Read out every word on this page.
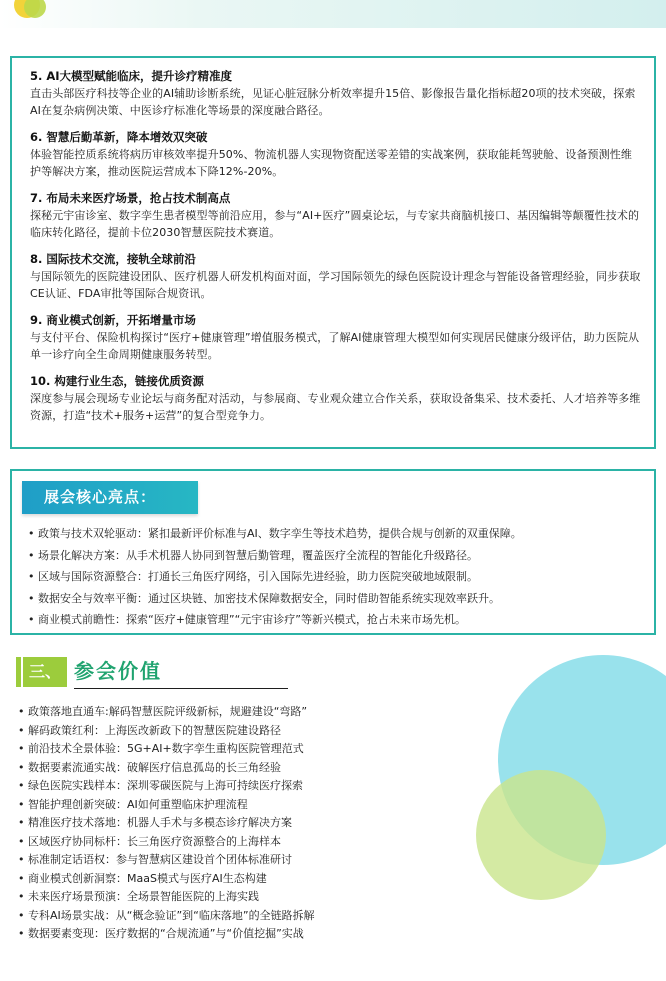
5. AI大模型赋能临床，提升诊疗精准度
直击头部医疗科技等企业的AI辅助诊断系统，见证心脏冠脉分析效率提升15倍、影像报告量化指标超20项的技术突破，探索AI在复杂病例决策、中医诊疗标准化等场景的深度融合路径。
6. 智慧后勤革新，降本增效双突破
体验智能控质系统将病历审核效率提升50%、物流机器人实现物资配送零差错的实战案例，获取能耗驾驶舱、设备预测性维护等解决方案，推动医院运营成本下降12%-20%。
7. 布局未来医疗场景，抢占技术制高点
探秘元宇宙诊室、数字孪生患者模型等前沿应用，参与“AI+医疗”圆桌论坛，与专家共商脑机接口、基因编辑等颠覆性技术的临床转化路径，提前卡位2030智慧医院技术赛道。
8. 国际技术交流，接轨全球前沿
与国际领先的医院建设团队、医疗机器人研发机构面对面，学习国际领先的绿色医院设计理念与智能设备管理经验，同步获取CE认证、FDA审批等国际合规资讯。
9. 商业模式创新，开拓增量市场
与支付平台、保险机构探讨“医疗+健康管理”增值服务模式，了解AI健康管理大模型如何实现居民健康分级评估，助力医院从单一诊疗向全生命周期健康服务转型。
10. 构建行业生态，链接优质资源
深度参与展会现场专业论坛与商务配对活动，与参展商、专业观众建立合作关系，获取设备集采、技术委托、人才培养等多维资源，打造“技术+服务+运营”的复合型竞争力。
展会核心亮点：
• 政策与技术双轮驱动：紧扣最新评价标准与AI、数字孪生等技术趋势，提供合规与创新的双重保障。
• 场景化解决方案：从手术机器人协同到智慧后勤管理，覆盖医疗全流程的智能化升级路径。
• 区域与国际资源整合：打通长三角医疗网络，引入国际先进经验，助力医院突破地域限制。
• 数据安全与效率平衡：通过区块链、加密技术保障数据安全，同时借助智能系统实现效率跃升。
• 商业模式前瞻性：探索“医疗+健康管理”“元宇宙诊疗”等新兴模式，抢占未来市场先机。
三、 参会价值
• 政策落地直通车:解码智慧医院评级新标，规避建设“弯路”
• 解码政策红利：上海医改新政下的智慧医院建设路径
• 前沿技术全景体验：5G+AI+数字孪生重构医院管理范式
• 数据要素流通实战：破解医疗信息孤岛的长三角经验
• 绿色医院实践样本：深圳零碳医院与上海可持续医疗探索
• 智能护理创新突破：AI如何重塑临床护理流程
• 精准医疗技术落地：机器人手术与多模态诊疗解决方案
• 区域医疗协同标杆：长三角医疗资源整合的上海样本
• 标准制定话语权：参与智慧病区建设首个团体标准研讨
• 商业模式创新洞察：MaaS模式与医疗AI生态构建
• 未来医疗场景预演：全场景智能医院的上海实践
• 专科AI场景实战：从“概念验证”到“临床落地”的全链路拆解
• 数据要素变现：医疗数据的“合规流通”与“价值挖掘”实战
